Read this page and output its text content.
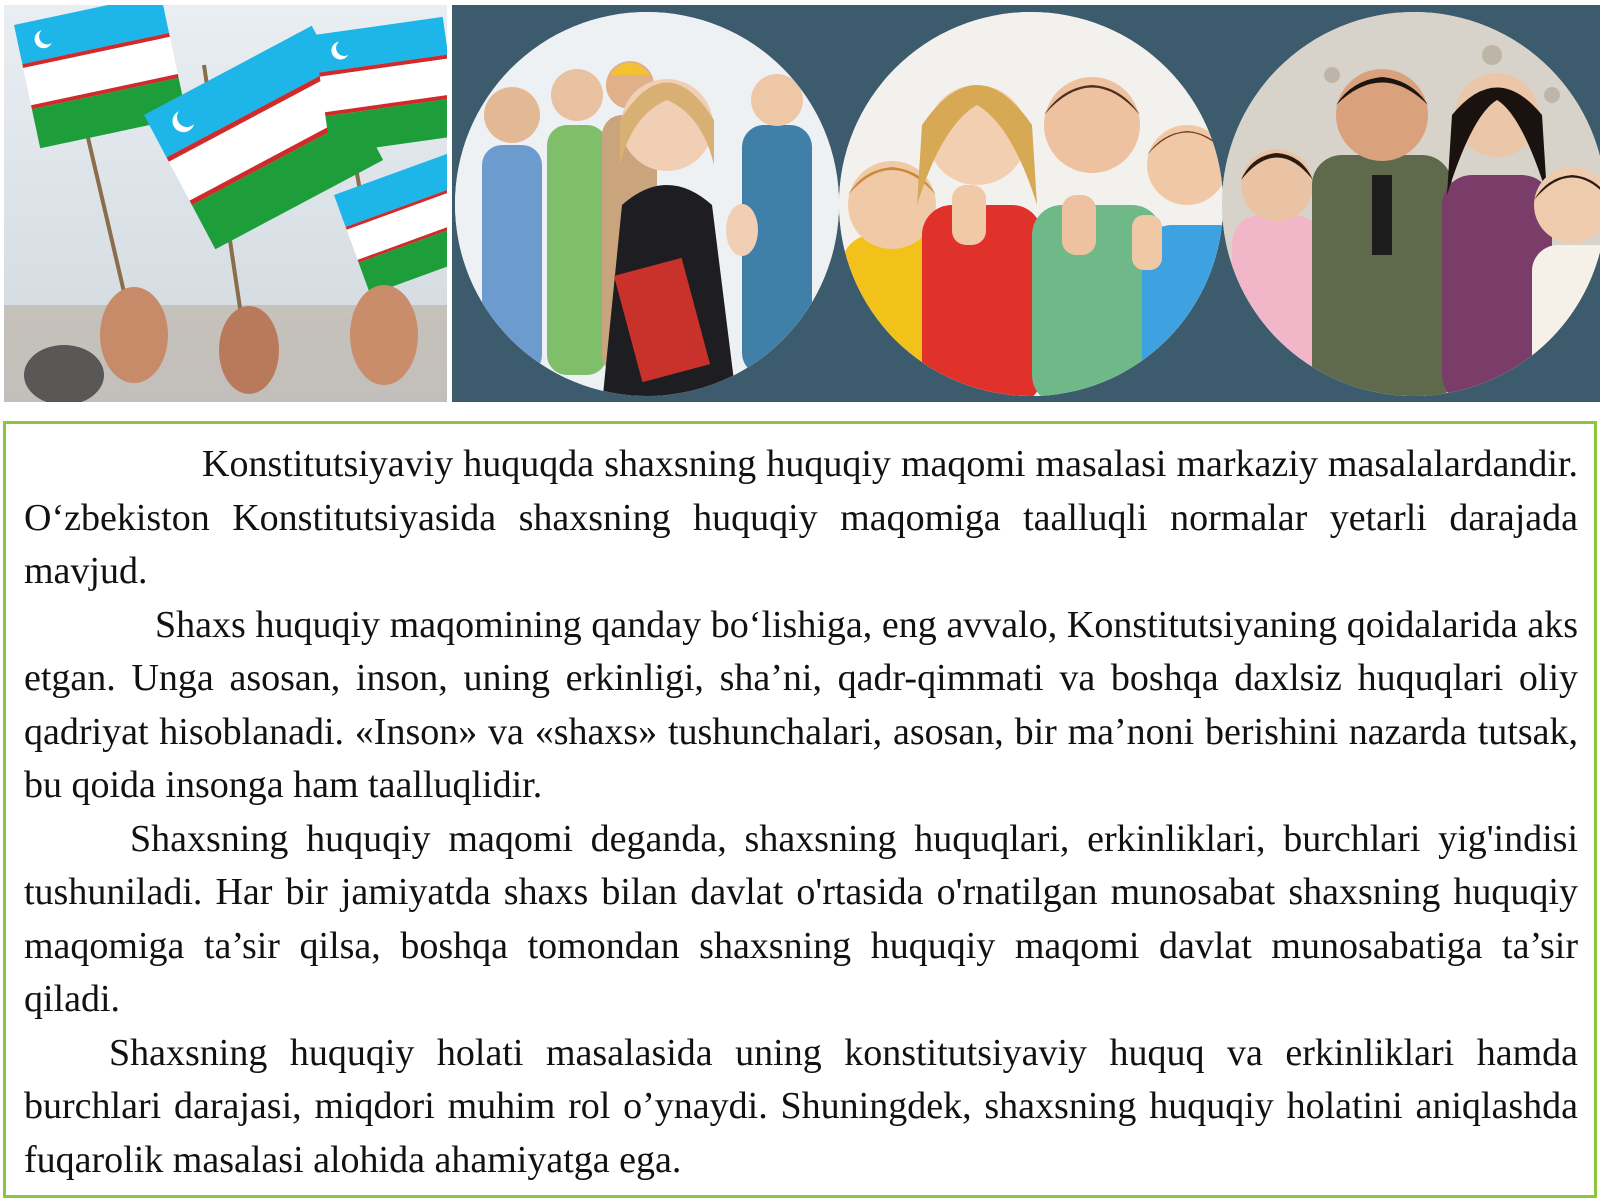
Konstitutsiyaviy huquqda shaxsning huquqiy maqomi masalasi markaziy masalalardandir. O‘zbekiston Konstitutsiyasida shaxsning huquqiy maqomiga taalluqli normalar yetarli darajada mavjud.

Shaxs huquqiy maqomining qanday bo‘lishiga, eng avvalo, Konstitutsiyaning qoidalarida aks etgan. Unga asosan, inson, uning erkinligi, sha’ni, qadr-qimmati va boshqa daxlsiz huquqlari oliy qadriyat hisoblanadi. «Inson» va «shaxs» tushunchalari, asosan, bir ma’noni berishini nazarda tutsak, bu qoida insonga ham taalluqlidir.

Shaxsning huquqiy maqomi deganda, shaxsning huquqlari, erkinliklari, burchlari yig'indisi tushuniladi. Har bir jamiyatda shaxs bilan davlat o'rtasida o'rnatilgan munosabat shaxsning huquqiy maqomiga ta’sir qilsa, boshqa tomondan shaxsning huquqiy maqomi davlat munosabatiga ta’sir qiladi.

Shaxsning huquqiy holati masalasida uning konstitutsiyaviy huquq va erkinliklari hamda burchlari darajasi, miqdori muhim rol o’ynaydi. Shuningdek, shaxsning huquqiy holatini aniqlashda fuqarolik masalasi alohida ahamiyatga ega.
